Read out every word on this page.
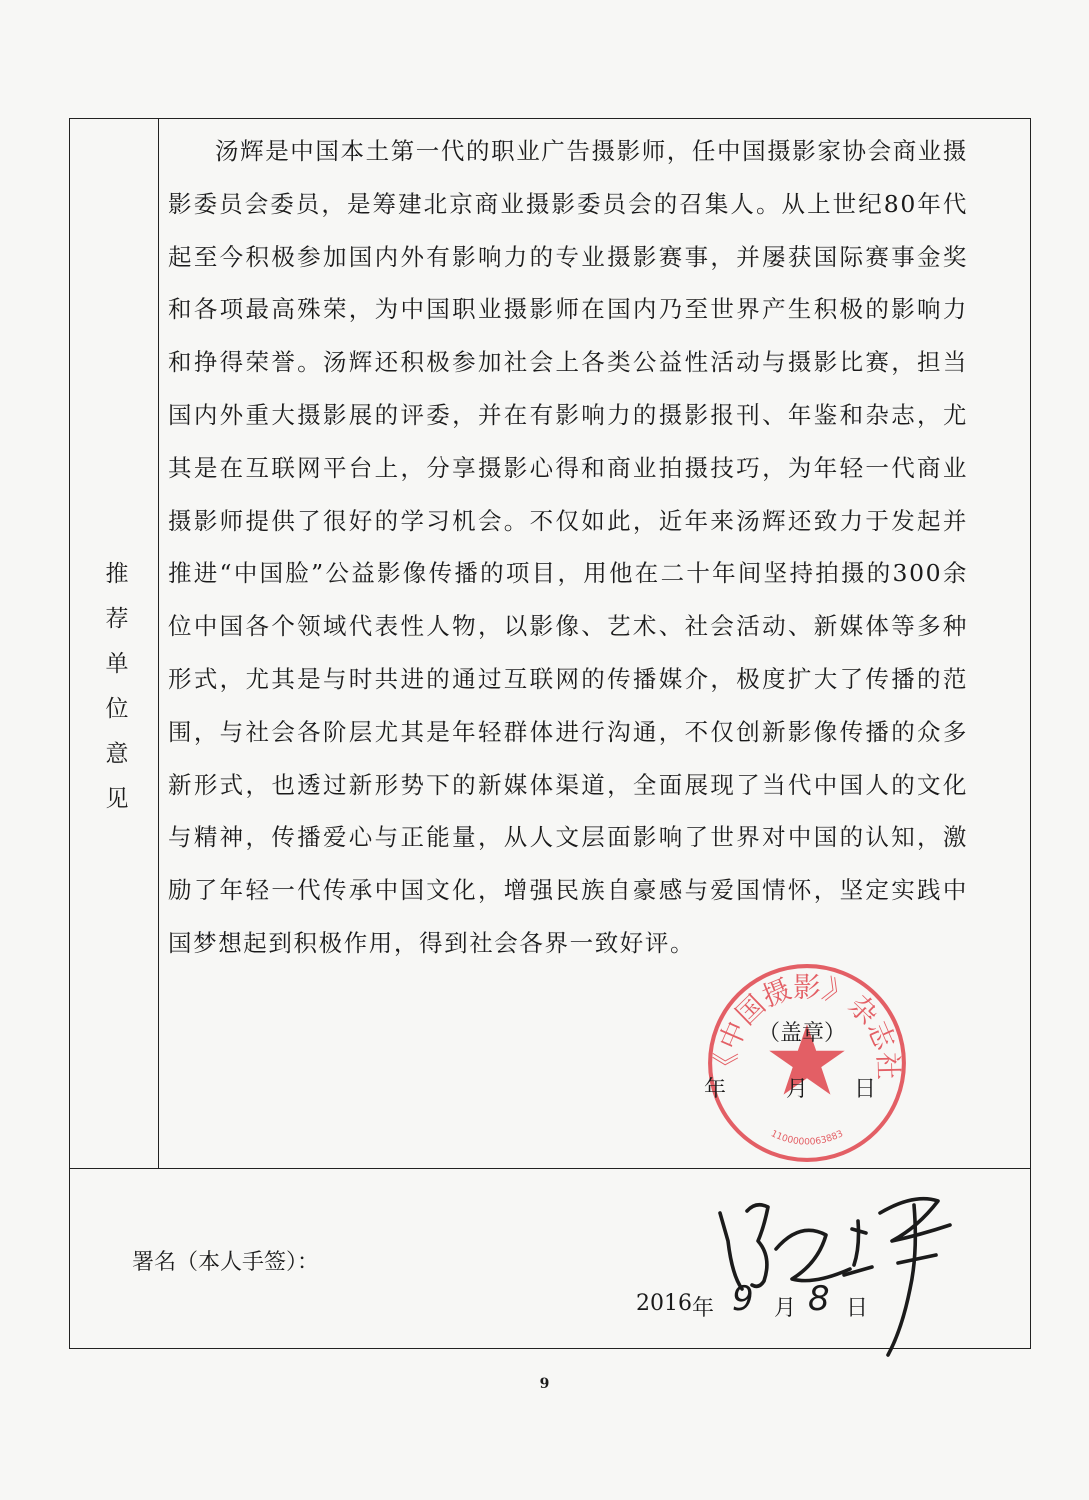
推荐单位意见

汤辉是中国本土第一代的职业广告摄影师，任中国摄影家协会商业摄影委员会委员，是筹建北京商业摄影委员会的召集人。从上世纪80年代起至今积极参加国内外有影响力的专业摄影赛事，并屡获国际赛事金奖和各项最高殊荣，为中国职业摄影师在国内乃至世界产生积极的影响力和挣得荣誉。汤辉还积极参加社会上各类公益性活动与摄影比赛，担当国内外重大摄影展的评委，并在有影响力的摄影报刊、年鉴和杂志，尤其是在互联网平台上，分享摄影心得和商业拍摄技巧，为年轻一代商业摄影师提供了很好的学习机会。不仅如此，近年来汤辉还致力于发起并推进“中国脸”公益影像传播的项目，用他在二十年间坚持拍摄的300余位中国各个领域代表性人物，以影像、艺术、社会活动、新媒体等多种形式，尤其是与时共进的通过互联网的传播媒介，极度扩大了传播的范围，与社会各阶层尤其是年轻群体进行沟通，不仅创新影像传播的众多新形式，也透过新形势下的新媒体渠道，全面展现了当代中国人的文化与精神，传播爱心与正能量，从人文层面影响了世界对中国的认知，激励了年轻一代传承中国文化，增强民族自豪感与爱国情怀，坚定实践中国梦想起到积极作用，得到社会各界一致好评。

《中国摄影》杂志社
1100000063883
（盖章）
年	月 日
署名（本人手签）：
2016 年 9 月 8 日
9
